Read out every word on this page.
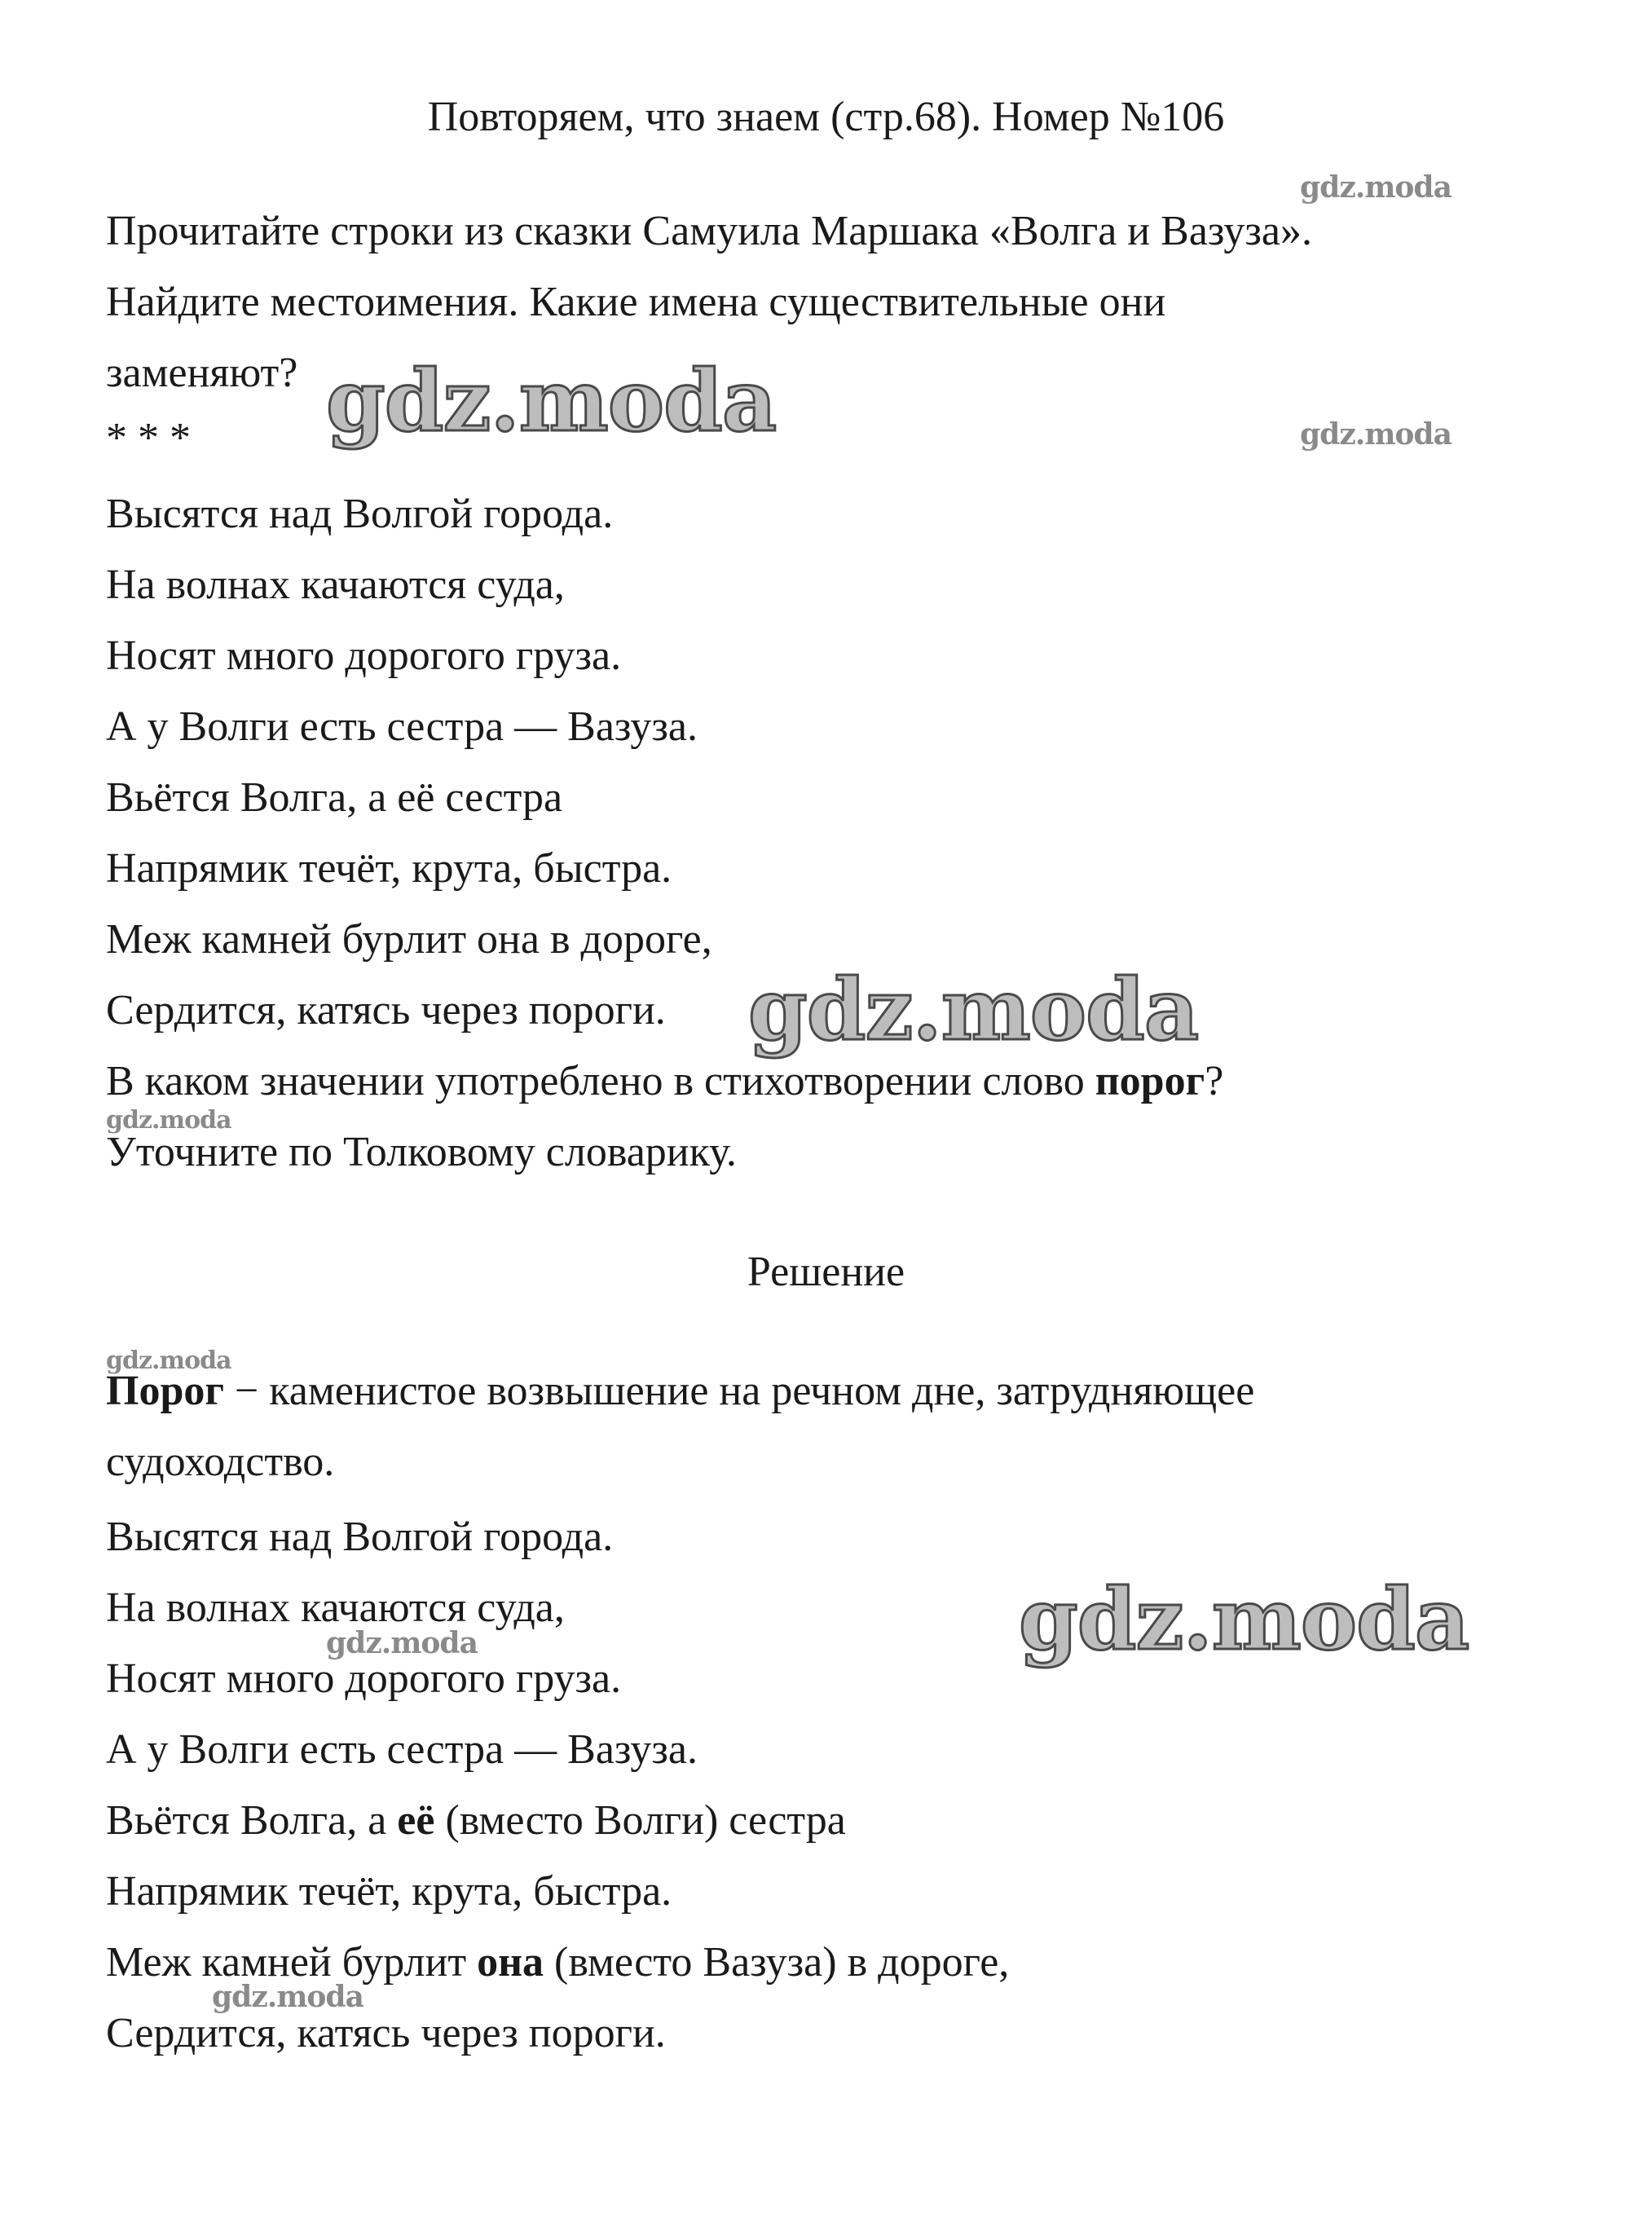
Повторяем, что знаем (стр.68). Номер №106
Прочитайте строки из сказки Самуила Маршака «Волга и Вазуза».
Найдите местоимения. Какие имена существительные они
заменяют?
* * *
Высятся над Волгой города.
На волнах качаются суда,
Носят много дорогого груза.
А у Волги есть сестра — Вазуза.
Вьётся Волга, а её сестра
Напрямик течёт, крута, быстра.
Меж камней бурлит она в дороге,
Сердится, катясь через пороги.
В каком значении употреблено в стихотворении слово порог?
Уточните по Толковому словарику.
Решение
Порог − каменистое возвышение на речном дне, затрудняющее
судоходство.
Высятся над Волгой города.
На волнах качаются суда,
Носят много дорогого груза.
А у Волги есть сестра — Вазуза.
Вьётся Волга, а её (вместо Волги) сестра
Напрямик течёт, крута, быстра.
Меж камней бурлит она (вместо Вазуза) в дороге,
Сердится, катясь через пороги.
gdz.moda
gdz.moda	gdz.moda
gdz.moda
gdz.moda
gdz.moda
gdz.moda
gdz.moda
gdz.moda
